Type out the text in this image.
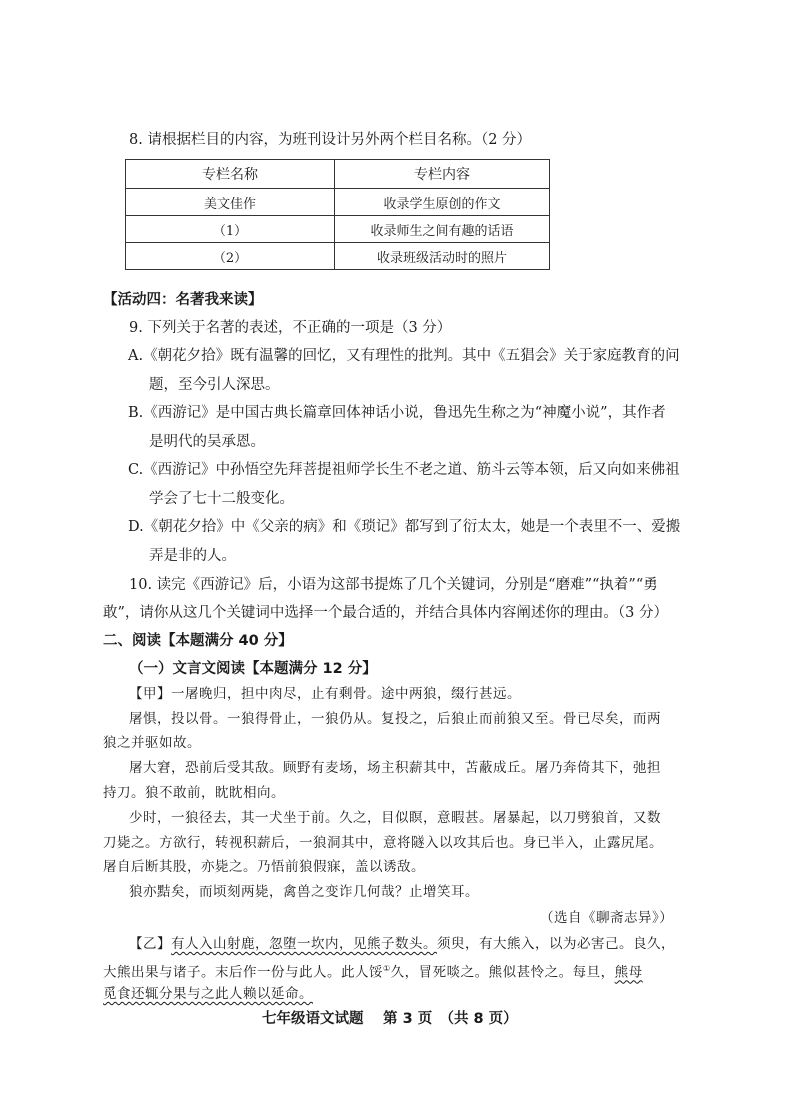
8. 请根据栏目的内容，为班刊设计另外两个栏目名称。（2 分）
专栏名称	专栏内容
美文佳作	收录学生原创的作文
（1）	收录师生之间有趣的话语
（2）	收录班级活动时的照片
【活动四：名著我来读】
9. 下列关于名著的表述，不正确的一项是（3 分）
A.《朝花夕拾》既有温馨的回忆，又有理性的批判。其中《五猖会》关于家庭教育的问
题，至今引人深思。
B.《西游记》是中国古典长篇章回体神话小说，鲁迅先生称之为“神魔小说”，其作者
是明代的吴承恩。
C.《西游记》中孙悟空先拜菩提祖师学长生不老之道、筋斗云等本领，后又向如来佛祖
学会了七十二般变化。
D.《朝花夕拾》中《父亲的病》和《琐记》都写到了衍太太，她是一个表里不一、爱搬
弄是非的人。
10. 读完《西游记》后，小语为这部书提炼了几个关键词，分别是“磨难”“执着”“勇
敢”，请你从这几个关键词中选择一个最合适的，并结合具体内容阐述你的理由。（3 分）
二、阅读【本题满分 40 分】
（一）文言文阅读【本题满分 12 分】
【甲】一屠晚归，担中肉尽，止有剩骨。途中两狼，缀行甚远。
屠惧，投以骨。一狼得骨止，一狼仍从。复投之，后狼止而前狼又至。骨已尽矣，而两
狼之并驱如故。
屠大窘，恐前后受其敌。顾野有麦场，场主积薪其中，苫蔽成丘。屠乃奔倚其下，弛担
持刀。狼不敢前，眈眈相向。
少时，一狼径去，其一犬坐于前。久之，目似瞑，意暇甚。屠暴起，以刀劈狼首，又数
刀毙之。方欲行，转视积薪后，一狼洞其中，意将隧入以攻其后也。身已半入，止露尻尾。
屠自后断其股，亦毙之。乃悟前狼假寐，盖以诱敌。
狼亦黠矣，而顷刻两毙，禽兽之变诈几何哉？止增笑耳。
（选自《聊斋志异》）
【乙】有人入山射鹿，忽堕一坎内，见熊子数头。须臾，有大熊入，以为必害己。良久，
大熊出果与诸子。末后作一份与此人。此人馁①久，冒死啖之。熊似甚怜之。每旦，熊母
觅食还辄分果与之此人赖以延命。
七年级语文试题　 第 3 页　（共 8 页）
